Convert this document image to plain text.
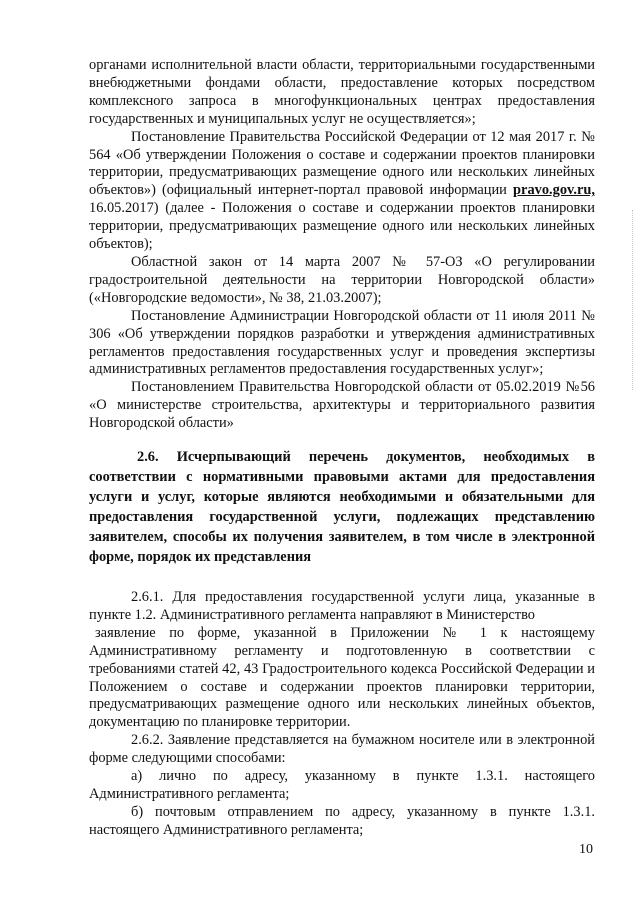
органами исполнительной власти области, территориальными государственными внебюджетными фондами области, предоставление которых посредством комплексного запроса в многофункциональных центрах предоставления государственных и муниципальных услуг не осуществляется»;

Постановление Правительства Российской Федерации от 12 мая 2017 г. № 564 «Об утверждении Положения о составе и содержании проектов планировки территории, предусматривающих размещение одного или нескольких линейных объектов») (официальный интернет-портал правовой информации pravo.gov.ru, 16.05.2017) (далее - Положения о составе и содержании проектов планировки территории, предусматривающих размещение одного или нескольких линейных объектов);

Областной закон от 14 марта 2007 № 57-ОЗ «О регулировании градостроительной деятельности на территории Новгородской области» («Новгородские ведомости», № 38, 21.03.2007);

Постановление Администрации Новгородской области от 11 июля 2011 № 306 «Об утверждении порядков разработки и утверждения административных регламентов предоставления государственных услуг и проведения экспертизы административных регламентов предоставления государственных услуг»;

Постановлением Правительства Новгородской области от 05.02.2019 №56 «О министерстве строительства, архитектуры и территориального развития Новгородской области»

2.6. Исчерпывающий перечень документов, необходимых в соответствии с нормативными правовыми актами для предоставления услуги и услуг, которые являются необходимыми и обязательными для предоставления государственной услуги, подлежащих представлению заявителем, способы их получения заявителем, в том числе в электронной форме, порядок их представления

2.6.1. Для предоставления государственной услуги лица, указанные в пункте 1.2. Административного регламента направляют в Министерство

заявление по форме, указанной в Приложении № 1 к настоящему Административному регламенту и подготовленную в соответствии с требованиями статей 42, 43 Градостроительного кодекса Российской Федерации и Положением о составе и содержании проектов планировки территории, предусматривающих размещение одного или нескольких линейных объектов, документацию по планировке территории.

2.6.2. Заявление представляется на бумажном носителе или в электронной форме следующими способами:

а) лично по адресу, указанному в пункте 1.3.1. настоящего Административного регламента;

б) почтовым отправлением по адресу, указанному в пункте 1.3.1. настоящего Административного регламента;

10
